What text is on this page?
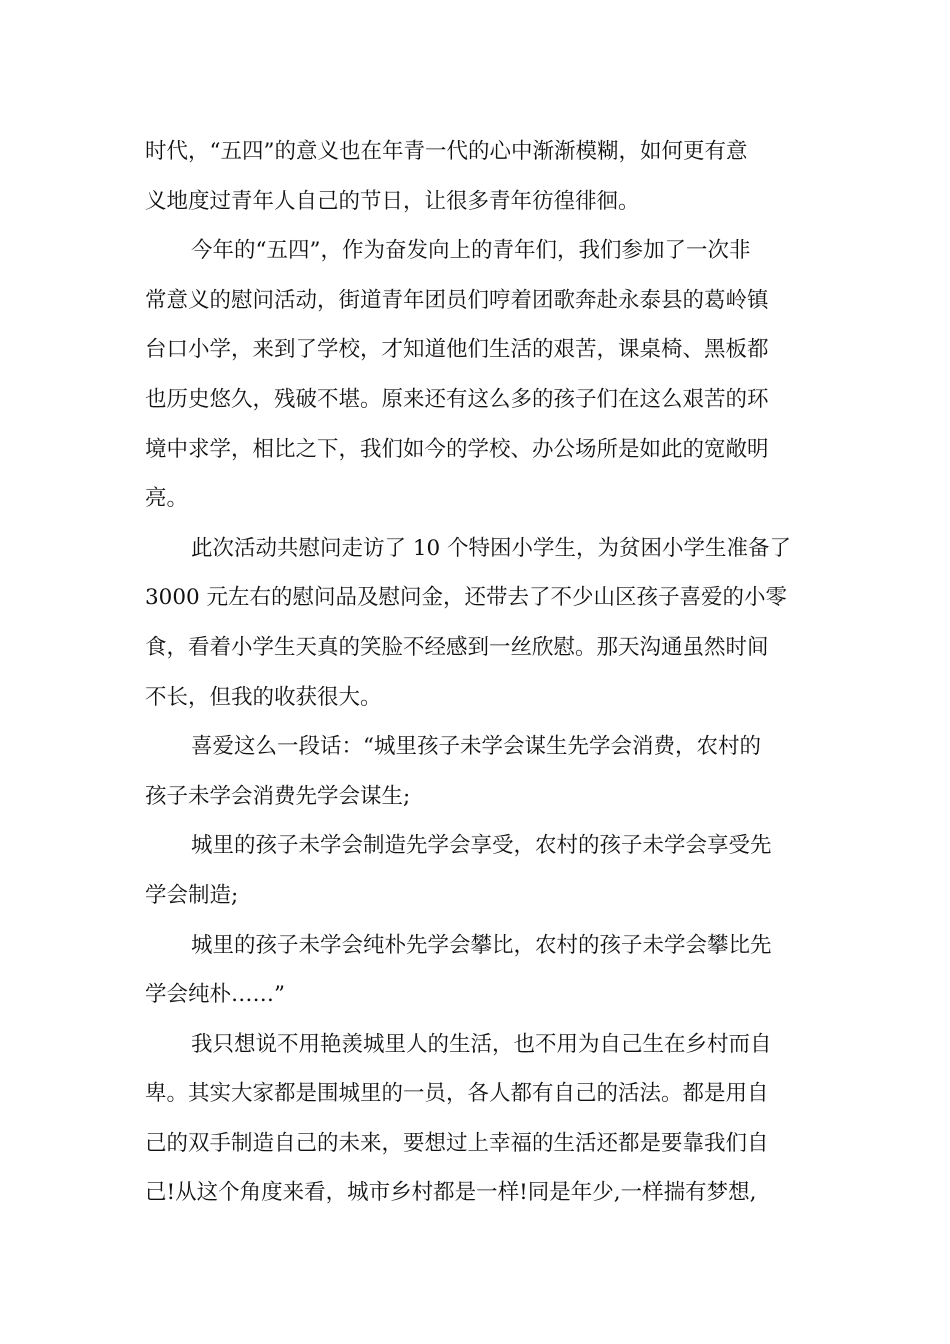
时代，“五四”的意义也在年青一代的心中渐渐模糊，如何更有意
义地度过青年人自己的节日，让很多青年彷徨徘徊。
今年的“五四”，作为奋发向上的青年们，我们参加了一次非
常意义的慰问活动，街道青年团员们哼着团歌奔赴永泰县的葛岭镇
台口小学，来到了学校，才知道他们生活的艰苦，课桌椅、黑板都
也历史悠久，残破不堪。原来还有这么多的孩子们在这么艰苦的环
境中求学，相比之下，我们如今的学校、办公场所是如此的宽敞明
亮。
此次活动共慰问走访了 10 个特困小学生，为贫困小学生准备了
3000 元左右的慰问品及慰问金，还带去了不少山区孩子喜爱的小零
食，看着小学生天真的笑脸不经感到一丝欣慰。那天沟通虽然时间
不长，但我的收获很大。
喜爱这么一段话：“城里孩子未学会谋生先学会消费，农村的
孩子未学会消费先学会谋生;
城里的孩子未学会制造先学会享受，农村的孩子未学会享受先
学会制造;
城里的孩子未学会纯朴先学会攀比，农村的孩子未学会攀比先
学会纯朴……”
我只想说不用艳羡城里人的生活，也不用为自己生在乡村而自
卑。其实大家都是围城里的一员，各人都有自己的活法。都是用自
己的双手制造自己的未来，要想过上幸福的生活还都是要靠我们自
己!从这个角度来看，城市乡村都是一样!同是年少,一样揣有梦想,
